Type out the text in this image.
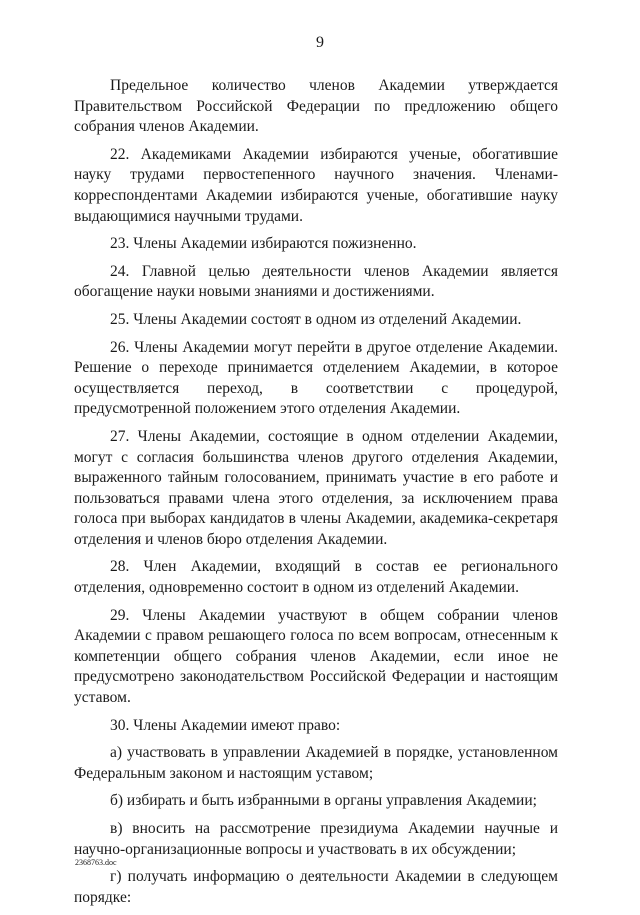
9

Предельное количество членов Академии утверждается Правительством Российской Федерации по предложению общего собрания членов Академии.

22. Академиками Академии избираются ученые, обогатившие науку трудами первостепенного научного значения. Членами-корреспондентами Академии избираются ученые, обогатившие науку выдающимися научными трудами.

23. Члены Академии избираются пожизненно.

24. Главной целью деятельности членов Академии является обогащение науки новыми знаниями и достижениями.

25. Члены Академии состоят в одном из отделений Академии.

26. Члены Академии могут перейти в другое отделение Академии. Решение о переходе принимается отделением Академии, в которое осуществляется переход, в соответствии с процедурой, предусмотренной положением этого отделения Академии.

27. Члены Академии, состоящие в одном отделении Академии, могут с согласия большинства членов другого отделения Академии, выраженного тайным голосованием, принимать участие в его работе и пользоваться правами члена этого отделения, за исключением права голоса при выборах кандидатов в члены Академии, академика-секретаря отделения и членов бюро отделения Академии.

28. Член Академии, входящий в состав ее регионального отделения, одновременно состоит в одном из отделений Академии.

29. Члены Академии участвуют в общем собрании членов Академии с правом решающего голоса по всем вопросам, отнесенным к компетенции общего собрания членов Академии, если иное не предусмотрено законодательством Российской Федерации и настоящим уставом.

30. Члены Академии имеют право:

а) участвовать в управлении Академией в порядке, установленном Федеральным законом и настоящим уставом;

б) избирать и быть избранными в органы управления Академии;

в) вносить на рассмотрение президиума Академии научные и научно-организационные вопросы и участвовать в их обсуждении;

г) получать информацию о деятельности Академии в следующем порядке:

2368763.doc
